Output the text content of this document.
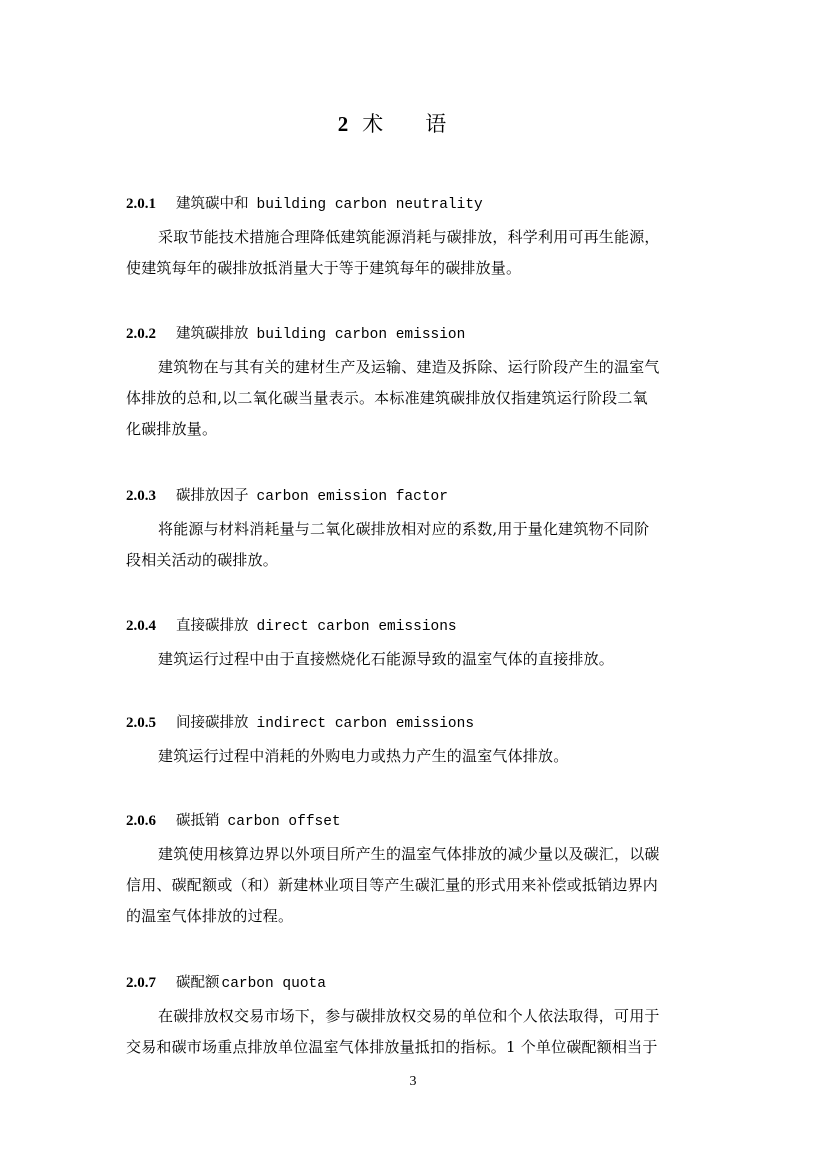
2 术语
2.0.1 建筑碳中和 building carbon neutrality
采取节能技术措施合理降低建筑能源消耗与碳排放，科学利用可再生能源，
使建筑每年的碳排放抵消量大于等于建筑每年的碳排放量。
2.0.2 建筑碳排放 building carbon emission
建筑物在与其有关的建材生产及运输、建造及拆除、运行阶段产生的温室气
体排放的总和,以二氧化碳当量表示。本标准建筑碳排放仅指建筑运行阶段二氧
化碳排放量。
2.0.3 碳排放因子 carbon emission factor
将能源与材料消耗量与二氧化碳排放相对应的系数,用于量化建筑物不同阶
段相关活动的碳排放。
2.0.4 直接碳排放 direct carbon emissions
建筑运行过程中由于直接燃烧化石能源导致的温室气体的直接排放。
2.0.5 间接碳排放 indirect carbon emissions
建筑运行过程中消耗的外购电力或热力产生的温室气体排放。
2.0.6 碳抵销 carbon offset
建筑使用核算边界以外项目所产生的温室气体排放的减少量以及碳汇，以碳
信用、碳配额或（和）新建林业项目等产生碳汇量的形式用来补偿或抵销边界内
的温室气体排放的过程。
2.0.7 碳配额 carbon quota
在碳排放权交易市场下，参与碳排放权交易的单位和个人依法取得，可用于
交易和碳市场重点排放单位温室气体排放量抵扣的指标。1 个单位碳配额相当于
3
